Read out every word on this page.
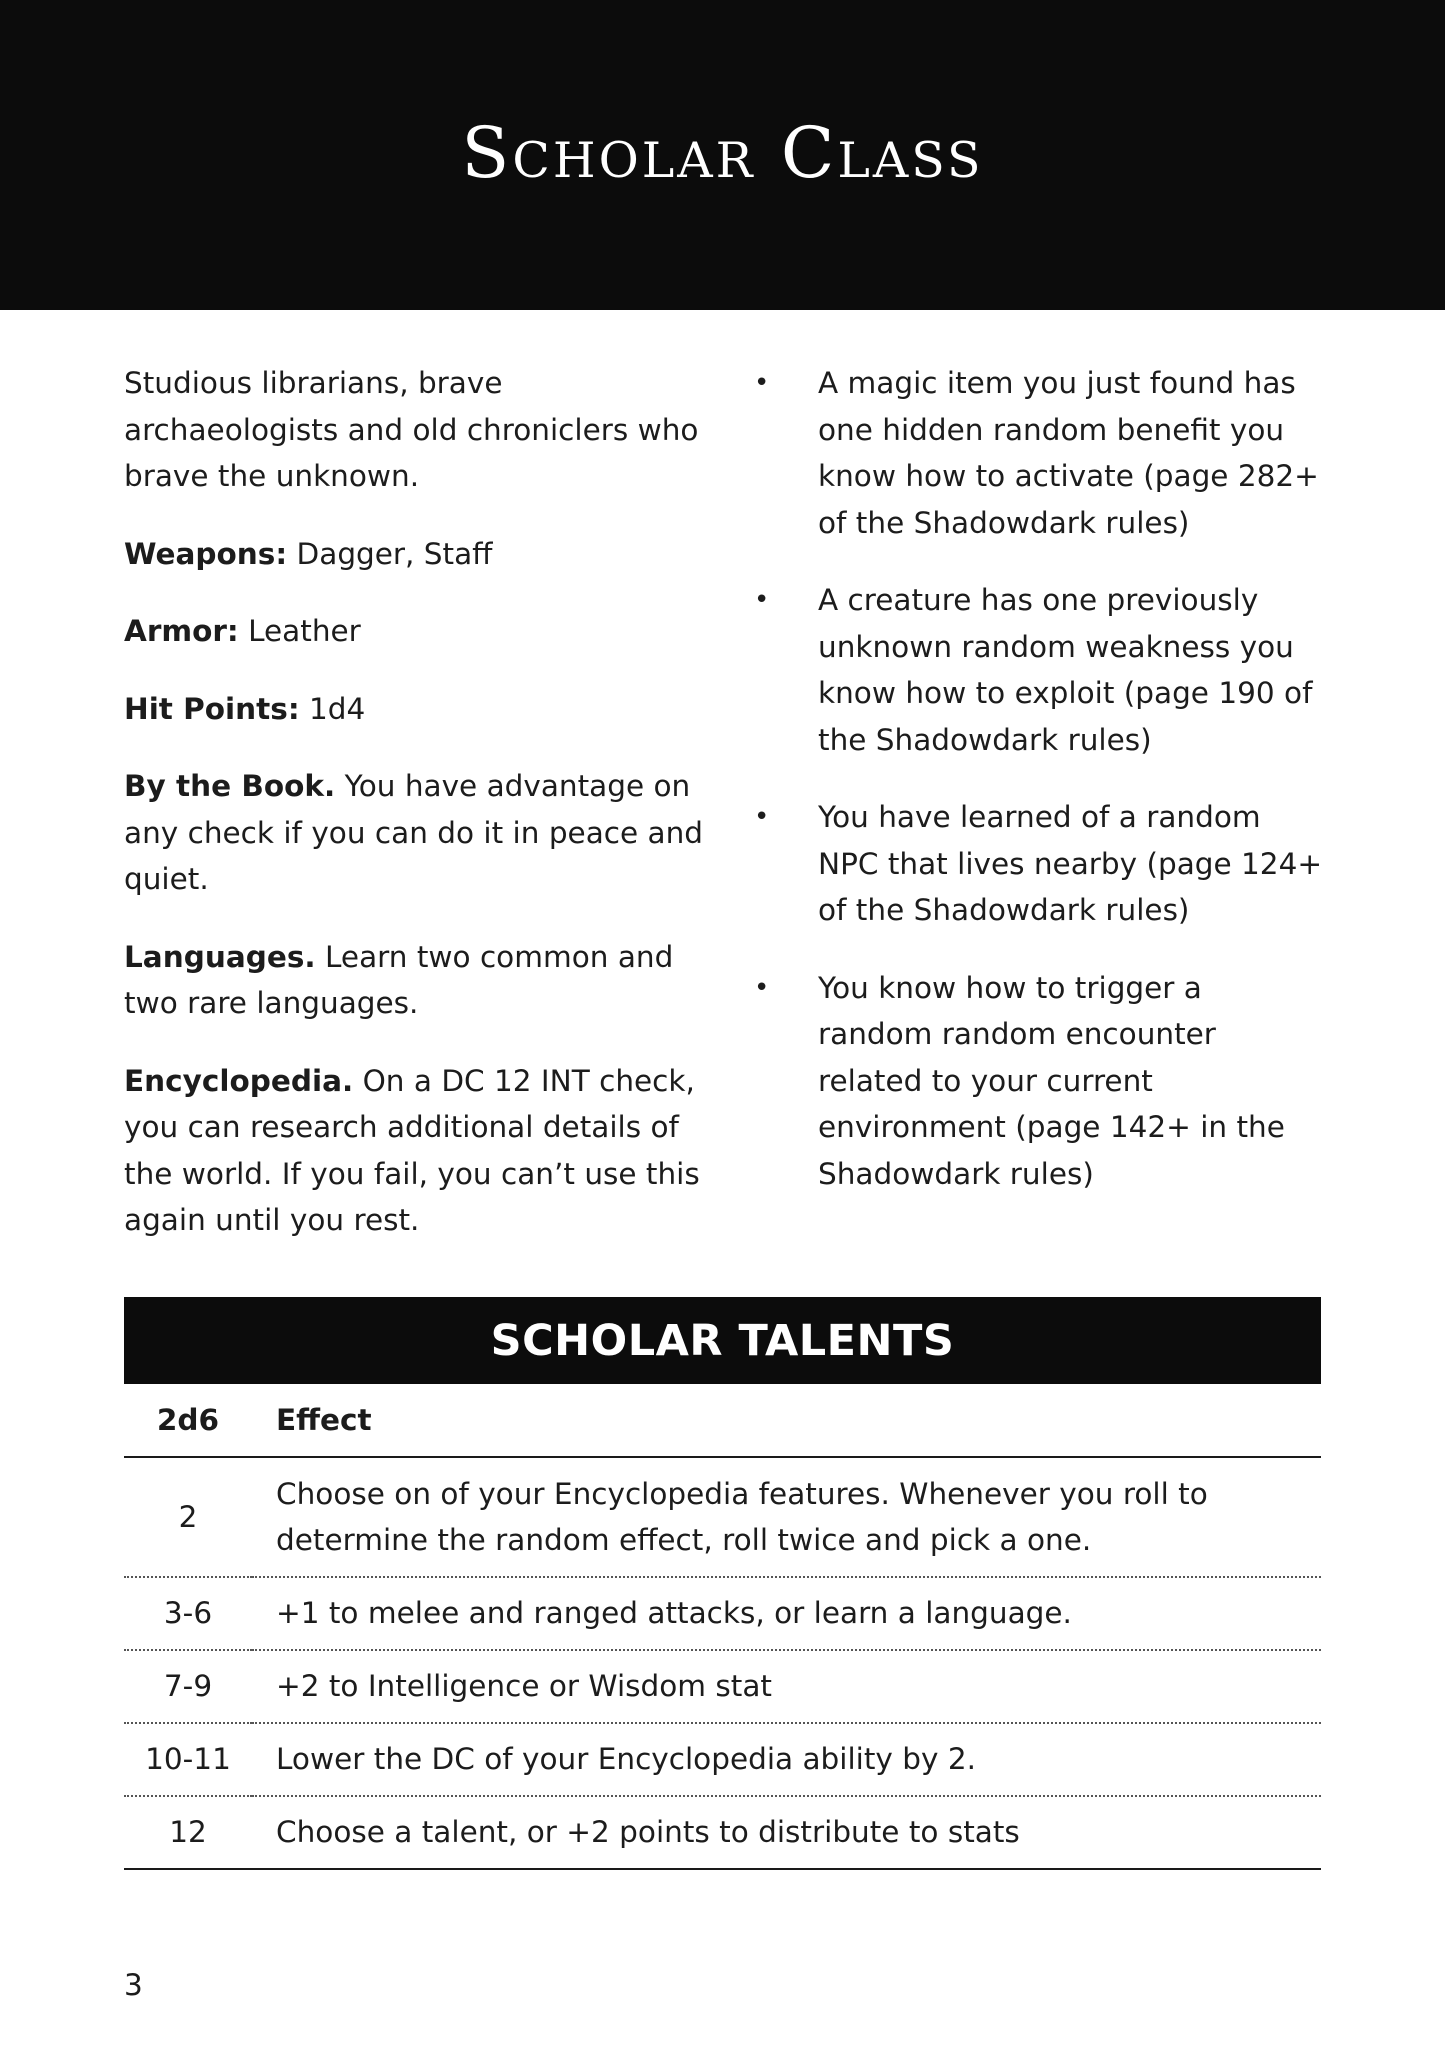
Scholar Class

Studious librarians, brave archaeologists and old chroniclers who brave the unknown.

Weapons: Dagger, Staff

Armor: Leather

Hit Points: 1d4

By the Book. You have advantage on any check if you can do it in peace and quiet.

Languages. Learn two common and two rare languages.

Encyclopedia. On a DC 12 INT check, you can research additional details of the world. If you fail, you can’t use this again until you rest.

• A magic item you just found has one hidden random benefit you know how to activate (page 282+ of the Shadowdark rules)
• A creature has one previously unknown random weakness you know how to exploit (page 190 of the Shadowdark rules)
• You have learned of a random NPC that lives nearby (page 124+ of the Shadowdark rules)
• You know how to trigger a random random encounter related to your current environment (page 142+ in the Shadowdark rules)
SCHOLAR TALENTS
2d6	Effect
2	Choose on of your Encyclopedia features. Whenever you roll to determine the random effect, roll twice and pick a one.
3-6	+1 to melee and ranged attacks, or learn a language.
7-9	+2 to Intelligence or Wisdom stat
10-11	Lower the DC of your Encyclopedia ability by 2.
12	Choose a talent, or +2 points to distribute to stats
3
